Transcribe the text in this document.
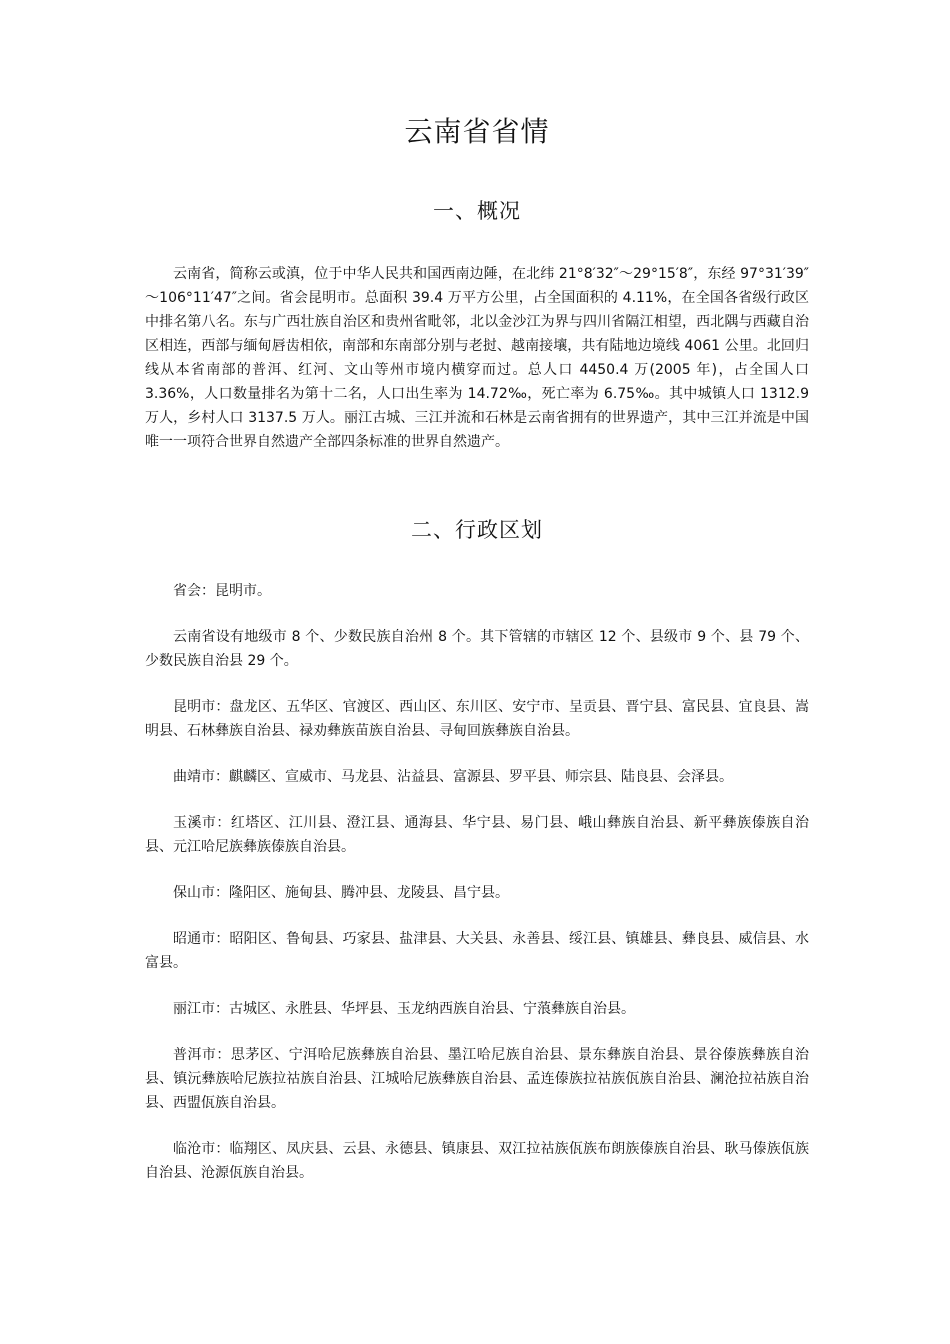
云南省省情
一、概况

云南省，简称云或滇，位于中华人民共和国西南边陲，在北纬 21°8′32″～29°15′8″，东经 97°31′39″～106°11′47″之间。省会昆明市。总面积 39.4 万平方公里，占全国面积的 4.11%，在全国各省级行政区中排名第八名。东与广西壮族自治区和贵州省毗邻，北以金沙江为界与四川省隔江相望，西北隅与西藏自治区相连，西部与缅甸唇齿相依，南部和东南部分别与老挝、越南接壤，共有陆地边境线 4061 公里。北回归线从本省南部的普洱、红河、文山等州市境内横穿而过。总人口 4450.4 万(2005 年)，占全国人口 3.36%，人口数量排名为第十二名，人口出生率为 14.72‰，死亡率为 6.75‰。其中城镇人口 1312.9 万人，乡村人口 3137.5 万人。丽江古城、三江并流和石林是云南省拥有的世界遗产，其中三江并流是中国唯一一项符合世界自然遗产全部四条标准的世界自然遗产。

二、行政区划

省会：昆明市。

云南省设有地级市 8 个、少数民族自治州 8 个。其下管辖的市辖区 12 个、县级市 9 个、县 79 个、少数民族自治县 29 个。

昆明市：盘龙区、五华区、官渡区、西山区、东川区、安宁市、呈贡县、晋宁县、富民县、宜良县、嵩明县、石林彝族自治县、禄劝彝族苗族自治县、寻甸回族彝族自治县。

曲靖市：麒麟区、宣威市、马龙县、沾益县、富源县、罗平县、师宗县、陆良县、会泽县。

玉溪市：红塔区、江川县、澄江县、通海县、华宁县、易门县、峨山彝族自治县、新平彝族傣族自治县、元江哈尼族彝族傣族自治县。

保山市：隆阳区、施甸县、腾冲县、龙陵县、昌宁县。

昭通市：昭阳区、鲁甸县、巧家县、盐津县、大关县、永善县、绥江县、镇雄县、彝良县、威信县、水富县。

丽江市：古城区、永胜县、华坪县、玉龙纳西族自治县、宁蒗彝族自治县。

普洱市：思茅区、宁洱哈尼族彝族自治县、墨江哈尼族自治县、景东彝族自治县、景谷傣族彝族自治县、镇沅彝族哈尼族拉祜族自治县、江城哈尼族彝族自治县、孟连傣族拉祜族佤族自治县、澜沧拉祜族自治县、西盟佤族自治县。

临沧市：临翔区、凤庆县、云县、永德县、镇康县、双江拉祜族佤族布朗族傣族自治县、耿马傣族佤族自治县、沧源佤族自治县。
